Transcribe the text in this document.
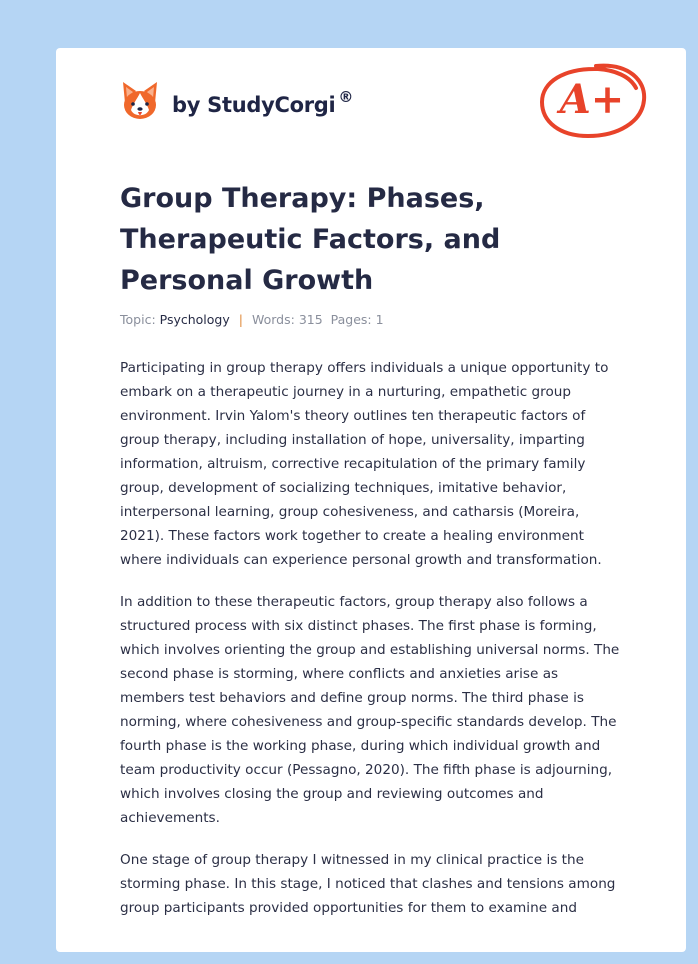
by StudyCorgi ®	A+
Group Therapy: Phases, Therapeutic Factors, and Personal Growth
Topic: Psychology | Words: 315 Pages: 1

Participating in group therapy offers individuals a unique opportunity to embark on a therapeutic journey in a nurturing, empathetic group environment. Irvin Yalom's theory outlines ten therapeutic factors of group therapy, including installation of hope, universality, imparting information, altruism, corrective recapitulation of the primary family group, development of socializing techniques, imitative behavior, interpersonal learning, group cohesiveness, and catharsis (Moreira, 2021). These factors work together to create a healing environment where individuals can experience personal growth and transformation.

In addition to these therapeutic factors, group therapy also follows a structured process with six distinct phases. The first phase is forming, which involves orienting the group and establishing universal norms. The second phase is storming, where conflicts and anxieties arise as members test behaviors and define group norms. The third phase is norming, where cohesiveness and group-specific standards develop. The fourth phase is the working phase, during which individual growth and team productivity occur (Pessagno, 2020). The fifth phase is adjourning, which involves closing the group and reviewing outcomes and achievements.

One stage of group therapy I witnessed in my clinical practice is the storming phase. In this stage, I noticed that clashes and tensions among group participants provided opportunities for them to examine and
